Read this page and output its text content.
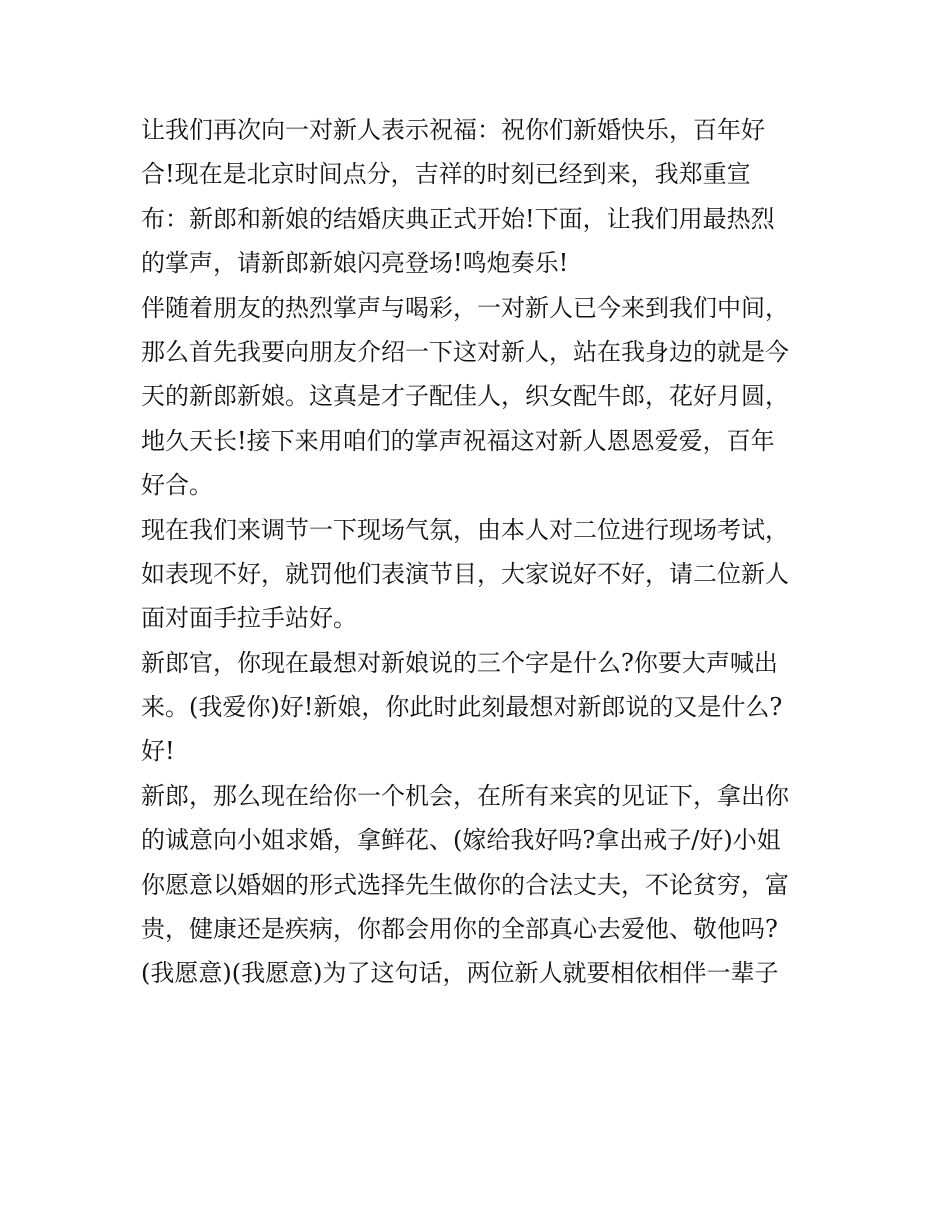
让我们再次向一对新人表示祝福：祝你们新婚快乐，百年好
合!现在是北京时间点分，吉祥的时刻已经到来，我郑重宣
布：新郎和新娘的结婚庆典正式开始!下面，让我们用最热烈
的掌声，请新郎新娘闪亮登场!鸣炮奏乐!
伴随着朋友的热烈掌声与喝彩，一对新人已今来到我们中间，
那么首先我要向朋友介绍一下这对新人，站在我身边的就是今
天的新郎新娘。这真是才子配佳人，织女配牛郎，花好月圆，
地久天长!接下来用咱们的掌声祝福这对新人恩恩爱爱，百年
好合。
现在我们来调节一下现场气氛，由本人对二位进行现场考试，
如表现不好，就罚他们表演节目，大家说好不好，请二位新人
面对面手拉手站好。
新郎官，你现在最想对新娘说的三个字是什么?你要大声喊出
来。(我爱你)好!新娘，你此时此刻最想对新郎说的又是什么?
好!
新郎，那么现在给你一个机会，在所有来宾的见证下，拿出你
的诚意向小姐求婚，拿鲜花、(嫁给我好吗?拿出戒子/好)小姐
你愿意以婚姻的形式选择先生做你的合法丈夫，不论贫穷，富
贵，健康还是疾病，你都会用你的全部真心去爱他、敬他吗?
(我愿意)(我愿意)为了这句话，两位新人就要相依相伴一辈子
